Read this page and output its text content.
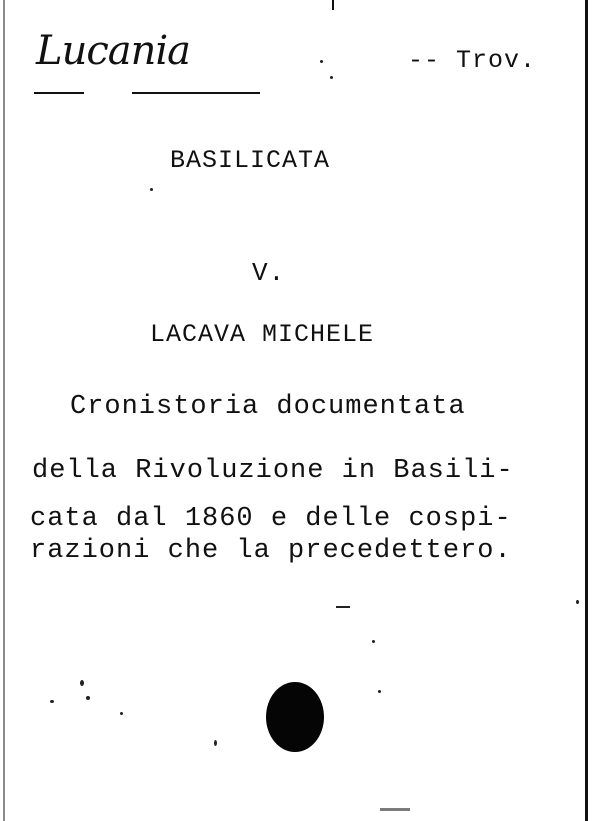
Lucania	-- Trov.
BASILICATA
V.
LACAVA MICHELE
Cronistoria documentata
della Rivoluzione in Basili-
cata dal 1860 e delle cospi-
razioni che la precedettero.
